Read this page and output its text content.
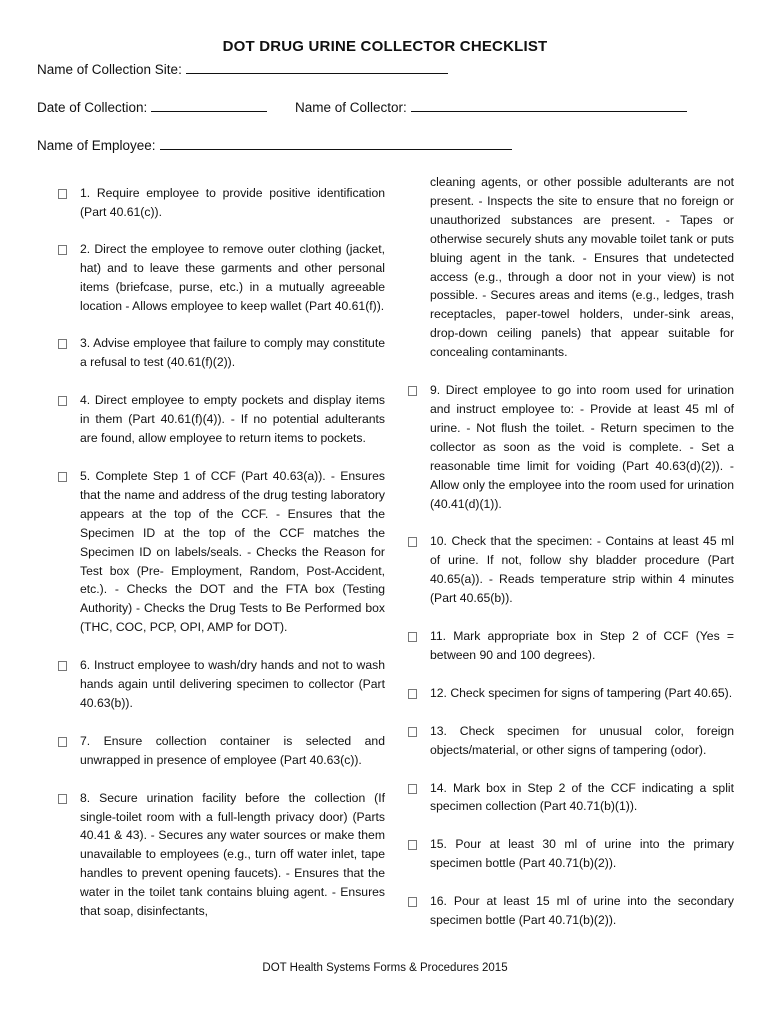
DOT DRUG URINE COLLECTOR CHECKLIST
Name of Collection Site:
Date of Collection:	Name of Collector:
Name of Employee:
1. Require employee to provide positive identification (Part 40.61(c)).
2. Direct the employee to remove outer clothing (jacket, hat) and to leave these garments and other personal items (briefcase, purse, etc.) in a mutually agreeable location - Allows employee to keep wallet (Part 40.61(f)).
3. Advise employee that failure to comply may constitute a refusal to test (40.61(f)(2)).
4. Direct employee to empty pockets and display items in them (Part 40.61(f)(4)). - If no potential adulterants are found, allow employee to return items to pockets.
5. Complete Step 1 of CCF (Part 40.63(a)). - Ensures that the name and address of the drug testing laboratory appears at the top of the CCF. - Ensures that the Specimen ID at the top of the CCF matches the Specimen ID on labels/seals. - Checks the Reason for Test box (Pre- Employment, Random, Post-Accident, etc.). - Checks the DOT and the FTA box (Testing Authority) - Checks the Drug Tests to Be Performed box (THC, COC, PCP, OPI, AMP for DOT).
6. Instruct employee to wash/dry hands and not to wash hands again until delivering specimen to collector (Part 40.63(b)).
7. Ensure collection container is selected and unwrapped in presence of employee (Part 40.63(c)).
8. Secure urination facility before the collection (If single-toilet room with a full-length privacy door) (Parts 40.41 & 43). - Secures any water sources or make them unavailable to employees (e.g., turn off water inlet, tape handles to prevent opening faucets). - Ensures that the water in the toilet tank contains bluing agent. - Ensures that soap, disinfectants,
cleaning agents, or other possible adulterants are not present. - Inspects the site to ensure that no foreign or unauthorized substances are present. - Tapes or otherwise securely shuts any movable toilet tank or puts bluing agent in the tank. - Ensures that undetected access (e.g., through a door not in your view) is not possible. - Secures areas and items (e.g., ledges, trash receptacles, paper-towel holders, under-sink areas, drop-down ceiling panels) that appear suitable for concealing contaminants.
9. Direct employee to go into room used for urination and instruct employee to: - Provide at least 45 ml of urine. - Not flush the toilet. - Return specimen to the collector as soon as the void is complete. - Set a reasonable time limit for voiding (Part 40.63(d)(2)). - Allow only the employee into the room used for urination (40.41(d)(1)).
10. Check that the specimen: - Contains at least 45 ml of urine. If not, follow shy bladder procedure (Part 40.65(a)). - Reads temperature strip within 4 minutes (Part 40.65(b)).
11. Mark appropriate box in Step 2 of CCF (Yes = between 90 and 100 degrees).
12. Check specimen for signs of tampering (Part 40.65).
13. Check specimen for unusual color, foreign objects/material, or other signs of tampering (odor).
14. Mark box in Step 2 of the CCF indicating a split specimen collection (Part 40.71(b)(1)).
15. Pour at least 30 ml of urine into the primary specimen bottle (Part 40.71(b)(2)).
16. Pour at least 15 ml of urine into the secondary specimen bottle (Part 40.71(b)(2)).
DOT Health Systems Forms & Procedures 2015
